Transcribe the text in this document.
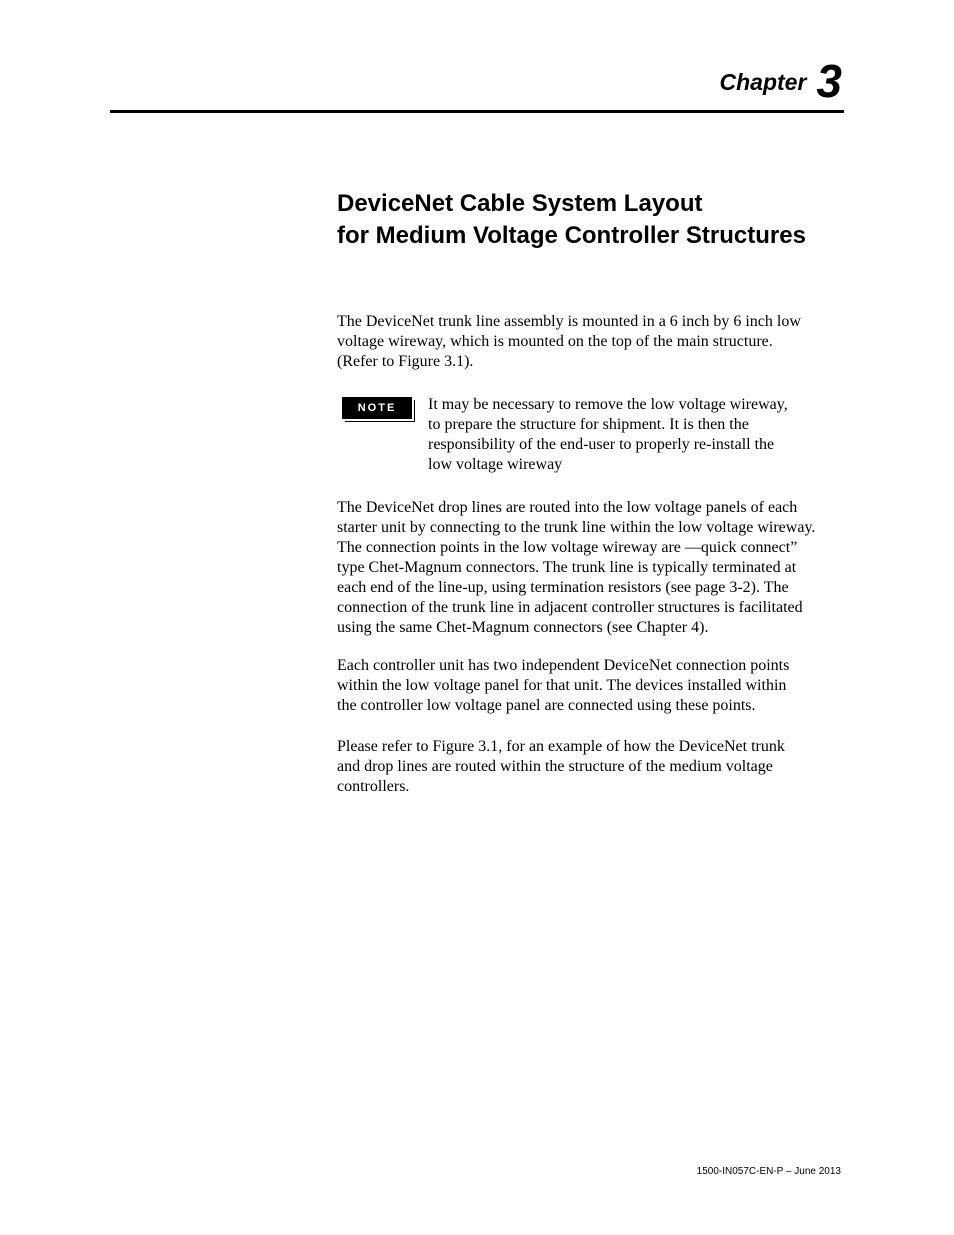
Chapter 3
DeviceNet Cable System Layout
for Medium Voltage Controller Structures
The DeviceNet trunk line assembly is mounted in a 6 inch by 6 inch low
voltage wireway, which is mounted on the top of the main structure.
(Refer to Figure 3.1).
NOTE	It may be necessary to remove the low voltage wireway,
to prepare the structure for shipment. It is then the
responsibility of the end-user to properly re-install the
low voltage wireway
The DeviceNet drop lines are routed into the low voltage panels of each
starter unit by connecting to the trunk line within the low voltage wireway.
The connection points in the low voltage wireway are ―quick connect”
type Chet-Magnum connectors. The trunk line is typically terminated at
each end of the line-up, using termination resistors (see page 3-2). The
connection of the trunk line in adjacent controller structures is facilitated
using the same Chet-Magnum connectors (see Chapter 4).
Each controller unit has two independent DeviceNet connection points
within the low voltage panel for that unit. The devices installed within
the controller low voltage panel are connected using these points.
Please refer to Figure 3.1, for an example of how the DeviceNet trunk
and drop lines are routed within the structure of the medium voltage
controllers.
1500-IN057C-EN-P – June 2013
